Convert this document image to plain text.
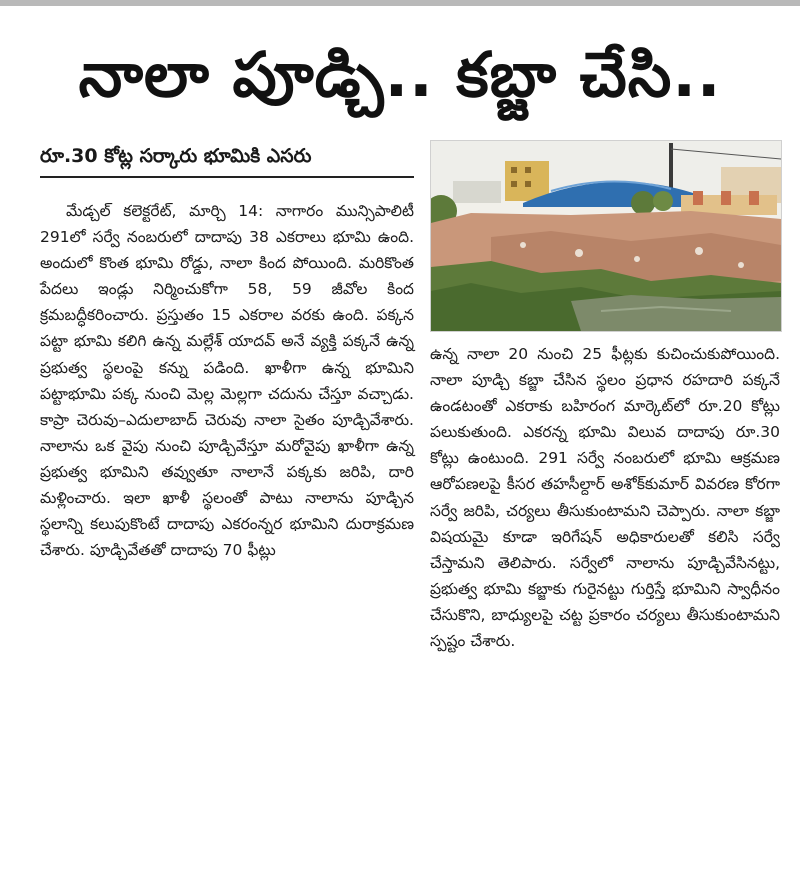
నాలా పూడ్చి.. కబ్జా చేసి..
రూ.30 కోట్ల సర్కారు భూమికి ఎసరు

మేడ్చల్‌ కలెక్టరేట్, మార్చి 14: నాగారం మున్సిపాలిటీ 291లో సర్వే నంబరులో దాదాపు 38 ఎకరాలు భూమి ఉంది. అందులో కొంత భూమి రోడ్డు, నాలా కింద పోయింది. మరికొంత పేదలు ఇండ్లు నిర్మించుకోగా 58, 59 జీవోల కింద క్రమబద్ధీకరించారు. ప్రస్తుతం 15 ఎకరాల వరకు ఉంది. పక్కన పట్టా భూమి కలిగి ఉన్న మల్లేశ్‌ యాదవ్‌ అనే వ్యక్తి పక్కనే ఉన్న ప్రభుత్వ స్థలంపై కన్ను పడింది. ఖాళీగా ఉన్న భూమిని పట్టాభూమి పక్క నుంచి మెల్ల మెల్లగా చదును చేస్తూ వచ్చాడు. కాప్రా చెరువు–ఎదులాబాద్‌ చెరువు నాలా సైతం పూడ్చివేశారు. నాలాను ఒక వైపు నుంచి పూడ్చివేస్తూ మరోవైపు ఖాళీగా ఉన్న ప్రభుత్వ భూమిని తవ్వుతూ నాలానే పక్కకు జరిపి, దారి మళ్లించారు. ఇలా ఖాళీ స్థలంతో పాటు నాలాను పూడ్చిన స్థలాన్ని కలుపుకొంటే దాదాపు ఎకరంన్నర భూమిని దురాక్రమణ చేశారు. పూడ్చివేతతో దాదాపు 70 ఫీట్లు

ఉన్న నాలా 20 నుంచి 25 ఫీట్లకు కుచించుకుపోయింది. నాలా పూడ్చి కబ్జా చేసిన స్థలం ప్రధాన రహదారి పక్కనే ఉండటంతో ఎకరాకు బహిరంగ మార్కెట్‌లో రూ.20 కోట్లు పలుకుతుంది. ఎకరన్న భూమి విలువ దాదాపు రూ.30 కోట్లు ఉంటుంది. 291 సర్వే నంబరులో భూమి ఆక్రమణ ఆరోపణలపై కీసర తహసీల్దార్‌ అశోక్‌కుమార్‌ వివరణ కోరగా సర్వే జరిపి, చర్యలు తీసుకుంటామని చెప్పారు. నాలా కబ్జా విషయమై కూడా ఇరిగేషన్‌ అధికారులతో కలిసి సర్వే చేస్తామని తెలిపారు. సర్వేలో నాలాను పూడ్చివేసినట్టు, ప్రభుత్వ భూమి కబ్జాకు గురైనట్టు గుర్తిస్తే భూమిని స్వాధీనం చేసుకొని, బాధ్యులపై చట్ట ప్రకారం చర్యలు తీసుకుంటామని స్పష్టం చేశారు.
